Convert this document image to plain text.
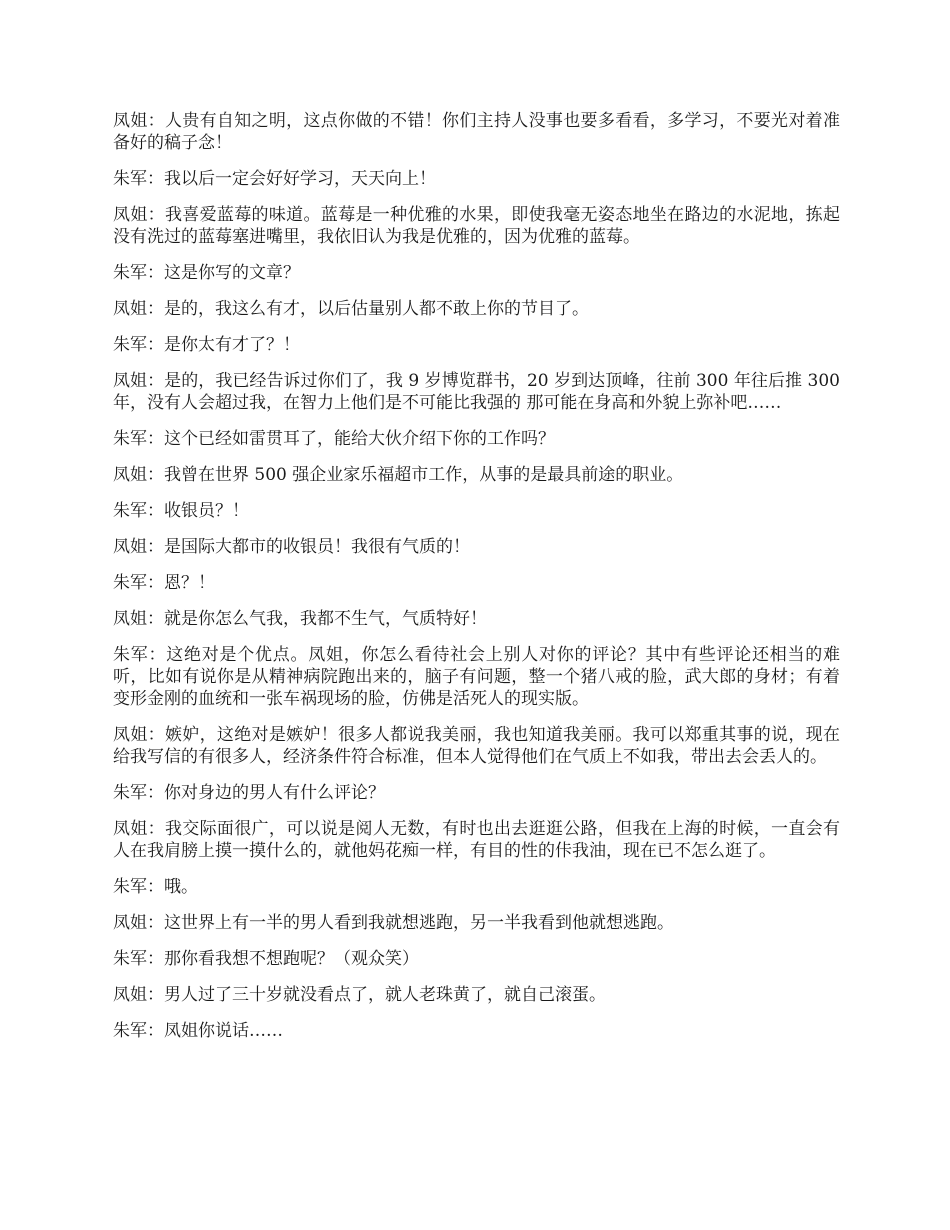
凤姐：人贵有自知之明，这点你做的不错！你们主持人没事也要多看看，多学习，不要光对着准备好的稿子念！

朱军：我以后一定会好好学习，天天向上！

凤姐：我喜爱蓝莓的味道。蓝莓是一种优雅的水果，即使我毫无姿态地坐在路边的水泥地，拣起没有洗过的蓝莓塞进嘴里，我依旧认为我是优雅的，因为优雅的蓝莓。

朱军：这是你写的文章？

凤姐：是的，我这么有才，以后估量别人都不敢上你的节目了。

朱军：是你太有才了？！

凤姐：是的，我已经告诉过你们了，我 9 岁博览群书，20 岁到达顶峰，往前 300 年往后推 300 年，没有人会超过我，在智力上他们是不可能比我强的 那可能在身高和外貌上弥补吧……

朱军：这个已经如雷贯耳了，能给大伙介绍下你的工作吗？

凤姐：我曾在世界 500 强企业家乐福超市工作，从事的是最具前途的职业。

朱军：收银员？！

凤姐：是国际大都市的收银员！我很有气质的！

朱军：恩？！

凤姐：就是你怎么气我，我都不生气，气质特好！

朱军：这绝对是个优点。凤姐，你怎么看待社会上别人对你的评论？其中有些评论还相当的难听，比如有说你是从精神病院跑出来的，脑子有问题，整一个猪八戒的脸，武大郎的身材；有着变形金刚的血统和一张车祸现场的脸，仿佛是活死人的现实版。

凤姐：嫉妒，这绝对是嫉妒！很多人都说我美丽，我也知道我美丽。我可以郑重其事的说，现在给我写信的有很多人，经济条件符合标准，但本人觉得他们在气质上不如我，带出去会丢人的。

朱军：你对身边的男人有什么评论？

凤姐：我交际面很广，可以说是阅人无数，有时也出去逛逛公路，但我在上海的时候，一直会有人在我肩膀上摸一摸什么的，就他妈花痴一样，有目的性的佧我油，现在已不怎么逛了。

朱军：哦。

凤姐：这世界上有一半的男人看到我就想逃跑，另一半我看到他就想逃跑。

朱军：那你看我想不想跑呢？（观众笑）

凤姐：男人过了三十岁就没看点了，就人老珠黄了，就自己滚蛋。

朱军：凤姐你说话……
